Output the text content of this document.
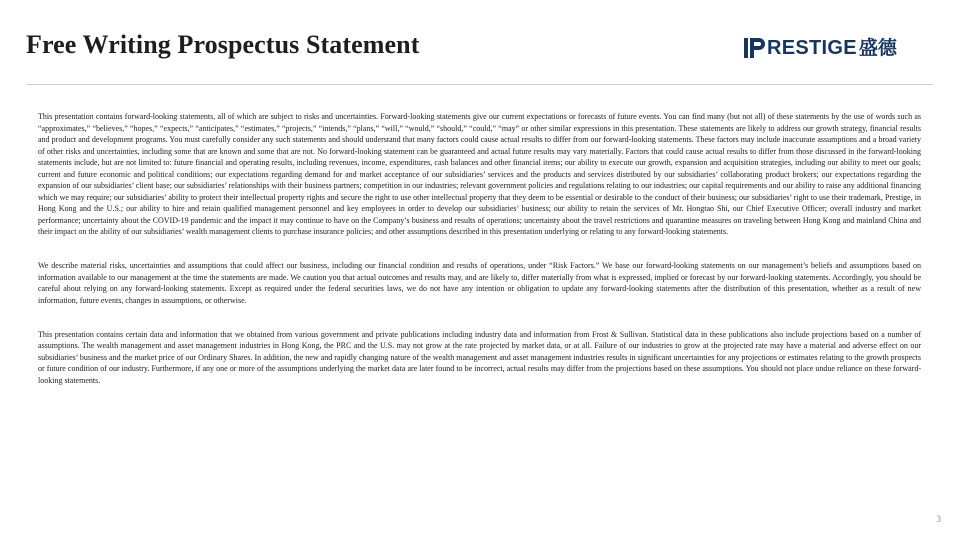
Free Writing Prospectus Statement	RESTIGE 盛德

This presentation contains forward-looking statements, all of which are subject to risks and uncertainties. Forward-looking statements give our current expectations or forecasts of future events. You can find many (but not all) of these statements by the use of words such as “approximates,” “believes,” “hopes,” “expects,” “anticipates,” “estimates,” “projects,” “intends,” “plans,” “will,” “would,” “should,” “could,” “may” or other similar expressions in this presentation. These statements are likely to address our growth strategy, financial results and product and development programs. You must carefully consider any such statements and should understand that many factors could cause actual results to differ from our forward-looking statements. These factors may include inaccurate assumptions and a broad variety of other risks and uncertainties, including some that are known and some that are not. No forward-looking statement can be guaranteed and actual future results may vary materially. Factors that could cause actual results to differ from those discussed in the forward-looking statements include, but are not limited to: future financial and operating results, including revenues, income, expenditures, cash balances and other financial items; our ability to execute our growth, expansion and acquisition strategies, including our ability to meet our goals; current and future economic and political conditions; our expectations regarding demand for and market acceptance of our subsidiaries’ services and the products and services distributed by our subsidiaries’ collaborating product brokers; our expectations regarding the expansion of our subsidiaries’ client base; our subsidiaries’ relationships with their business partners; competition in our industries; relevant government policies and regulations relating to our industries; our capital requirements and our ability to raise any additional financing which we may require; our subsidiaries’ ability to protect their intellectual property rights and secure the right to use other intellectual property that they deem to be essential or desirable to the conduct of their business; our subsidiaries’ right to use their trademark, Prestige, in Hong Kong and the U.S.; our ability to hire and retain qualified management personnel and key employees in order to develop our subsidiaries’ business; our ability to retain the services of Mr. Hongtao Shi, our Chief Executive Officer; overall industry and market performance; uncertainty about the COVID-19 pandemic and the impact it may continue to have on the Company’s business and results of operations; uncertainty about the travel restrictions and quarantine measures on traveling between Hong Kong and mainland China and their impact on the ability of our subsidiaries’ wealth management clients to purchase insurance policies; and other assumptions described in this presentation underlying or relating to any forward-looking statements.

We describe material risks, uncertainties and assumptions that could affect our business, including our financial condition and results of operations, under “Risk Factors.” We base our forward-looking statements on our management’s beliefs and assumptions based on information available to our management at the time the statements are made. We caution you that actual outcomes and results may, and are likely to, differ materially from what is expressed, implied or forecast by our forward-looking statements. Accordingly, you should be careful about relying on any forward-looking statements. Except as required under the federal securities laws, we do not have any intention or obligation to update any forward-looking statements after the distribution of this presentation, whether as a result of new information, future events, changes in assumptions, or otherwise.

This presentation contains certain data and information that we obtained from various government and private publications including industry data and information from Frost & Sullivan. Statistical data in these publications also include projections based on a number of assumptions. The wealth management and asset management industries in Hong Kong, the PRC and the U.S. may not grow at the rate projected by market data, or at all. Failure of our industries to grow at the projected rate may have a material and adverse effect on our subsidiaries’ business and the market price of our Ordinary Shares. In addition, the new and rapidly changing nature of the wealth management and asset management industries results in significant uncertainties for any projections or estimates relating to the growth prospects or future condition of our industry. Furthermore, if any one or more of the assumptions underlying the market data are later found to be incorrect, actual results may differ from the projections based on these assumptions. You should not place undue reliance on these forward-looking statements.

3
